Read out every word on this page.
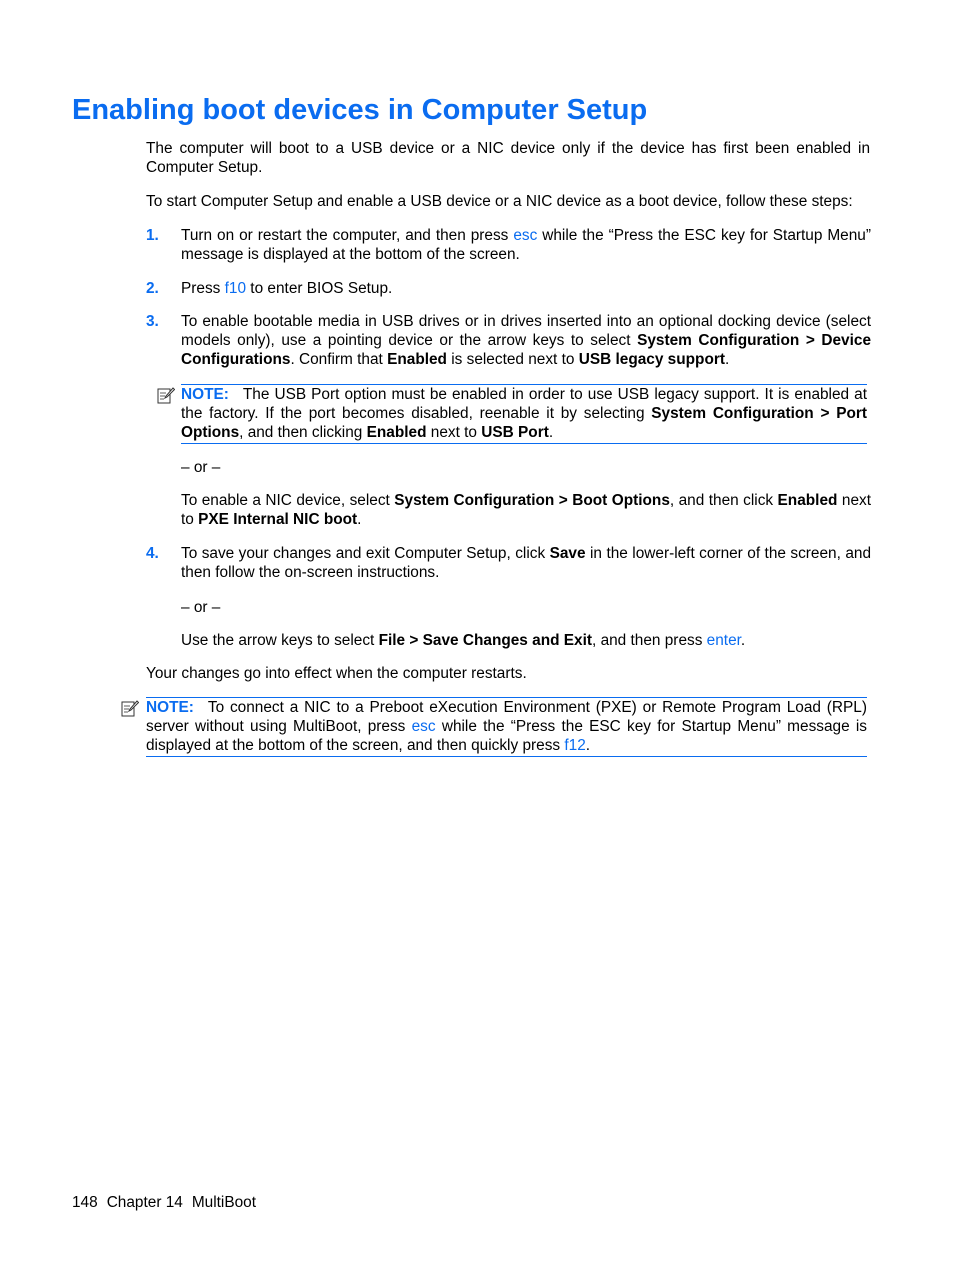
Enabling boot devices in Computer Setup

The computer will boot to a USB device or a NIC device only if the device has first been enabled in Computer Setup.

To start Computer Setup and enable a USB device or a NIC device as a boot device, follow these steps:

1. Turn on or restart the computer, and then press esc while the “Press the ESC key for Startup Menu” message is displayed at the bottom of the screen.

2. Press f10 to enter BIOS Setup.

3. To enable bootable media in USB drives or in drives inserted into an optional docking device (select models only), use a pointing device or the arrow keys to select System Configuration > Device Configurations. Confirm that Enabled is selected next to USB legacy support.

NOTE: The USB Port option must be enabled in order to use USB legacy support. It is enabled at the factory. If the port becomes disabled, reenable it by selecting System Configuration > Port Options, and then clicking Enabled next to USB Port.

– or –

To enable a NIC device, select System Configuration > Boot Options, and then click Enabled next to PXE Internal NIC boot.

4. To save your changes and exit Computer Setup, click Save in the lower-left corner of the screen, and then follow the on-screen instructions.

– or –

Use the arrow keys to select File > Save Changes and Exit, and then press enter.

Your changes go into effect when the computer restarts.

NOTE: To connect a NIC to a Preboot eXecution Environment (PXE) or Remote Program Load (RPL) server without using MultiBoot, press esc while the “Press the ESC key for Startup Menu” message is displayed at the bottom of the screen, and then quickly press f12.
148 Chapter 14 MultiBoot
